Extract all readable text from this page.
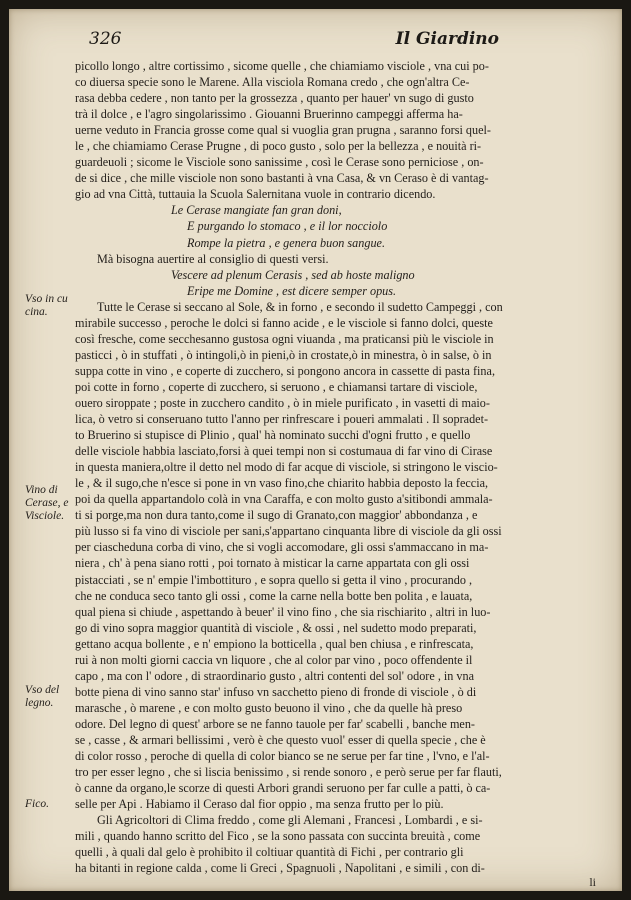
326	Il Giardino
Vso in cu cina.
Vino di Cerase, e Visciole.
Vso del legno.
Fico.
picollo longo , altre cortissimo , sicome quelle , che chiamiamo visciole , vna cui po-
co diuersa specie sono le Marene. Alla visciola Romana credo , che ogn'altra Ce-
rasa debba cedere , non tanto per la grossezza , quanto per hauer' vn sugo di gusto
trà il dolce , e l'agro singolarissimo . Giouanni Bruerinno campeggi afferma ha-
uerne veduto in Francia grosse come qual si vuoglia gran prugna , saranno forsi quel-
le , che chiamiamo Cerase Prugne , di poco gusto , solo per la bellezza , e nouità ri-
guardeuoli ; sicome le Visciole sono sanissime , così le Cerase sono perniciose , on-
de si dice , che mille visciole non sono bastanti à vna Casa, & vn Ceraso è di vantag-
gio ad vna Città, tuttauia la Scuola Salernitana vuole in contrario dicendo.
Le Cerase mangiate fan gran doni,
E purgando lo stomaco , e il lor nocciolo
Rompe la pietra , e genera buon sangue.
Mà bisogna auertire al consiglio di questi versi.
Vescere ad plenum Cerasis , sed ab hoste maligno
Eripe me Domine , est dicere semper opus.
Tutte le Cerase si seccano al Sole, & in forno , e secondo il sudetto Campeggi , con
mirabile successo , peroche le dolci si fanno acide , e le visciole si fanno dolci, queste
così fresche, come secchesanno gustosa ogni viuanda , ma praticansi più le visciole in
pasticci , ò in stuffati , ò intingoli,ò in pieni,ò in crostate,ò in minestra, ò in salse, ò in
suppa cotte in vino , e coperte di zucchero, si pongono ancora in cassette di pasta fina,
poi cotte in forno , coperte di zucchero, si seruono , e chiamansi tartare di visciole,
ouero siroppate ; poste in zucchero candito , ò in miele purificato , in vasetti di maio-
lica, ò vetro si conseruano tutto l'anno per rinfrescare i poueri ammalati . Il sopradet-
to Bruerino si stupisce di Plinio , qual' hà nominato succhi d'ogni frutto , e quello
delle visciole habbia lasciato,forsi à quei tempi non si costumaua di far vino di Cirase
in questa maniera,oltre il detto nel modo di far acque di visciole, si stringono le viscio-
le , & il sugo,che n'esce si pone in vn vaso fino,che chiarito habbia deposto la feccia,
poi da quella appartandolo colà in vna Caraffa, e con molto gusto a'sitibondi ammala-
ti si porge,ma non dura tanto,come il sugo di Granato,con maggior' abbondanza , e
più lusso si fa vino di visciole per sani,s'appartano cinquanta libre di visciole da gli ossi
per ciascheduna corba di vino, che si vogli accomodare, gli ossi s'ammaccano in ma-
niera , ch' à pena siano rotti , poi tornato à misticar la carne appartata con gli ossi
pistacciati , se n' empie l'imbottituro , e sopra quello si getta il vino , procurando ,
che ne conduca seco tanto gli ossi , come la carne nella botte ben polita , e lauata,
qual piena si chiude , aspettando à beuer' il vino fino , che sia rischiarito , altri in luo-
go di vino sopra maggior quantità di visciole , & ossi , nel sudetto modo preparati,
gettano acqua bollente , e n' empiono la botticella , qual ben chiusa , e rinfrescata,
rui à non molti giorni caccia vn liquore , che al color par vino , poco offendente il
capo , ma con l' odore , di straordinario gusto , altri contenti del sol' odore , in vna
botte piena di vino sanno star' infuso vn sacchetto pieno di fronde di visciole , ò di
marasche , ò marene , e con molto gusto beuono il vino , che da quelle hà preso
odore. Del legno di quest' arbore se ne fanno tauole per far' scabelli , banche men-
se , casse , & armari bellissimi , verò è che questo vuol' esser di quella specie , che è
di color rosso , peroche di quella di color bianco se ne serue per far tine , l'vno, e l'al-
tro per esser legno , che si liscia benissimo , si rende sonoro , e però serue per far flauti,
ò canne da organo,le scorze di questi Arbori grandi seruono per far culle a patti, ò ca-
selle per Api . Habiamo il Ceraso dal fior oppio , ma senza frutto per lo più.
Gli Agricoltori di Clima freddo , come gli Alemani , Francesi , Lombardi , e si-
mili , quando hanno scritto del Fico , se la sono passata con succinta breuità , come
quelli , à quali dal gelo è prohibito il coltiuar quantità di Fichi , per contrario gli
ha bitanti in regione calda , come li Greci , Spagnuoli , Napolitani , e simili , con di-
li
